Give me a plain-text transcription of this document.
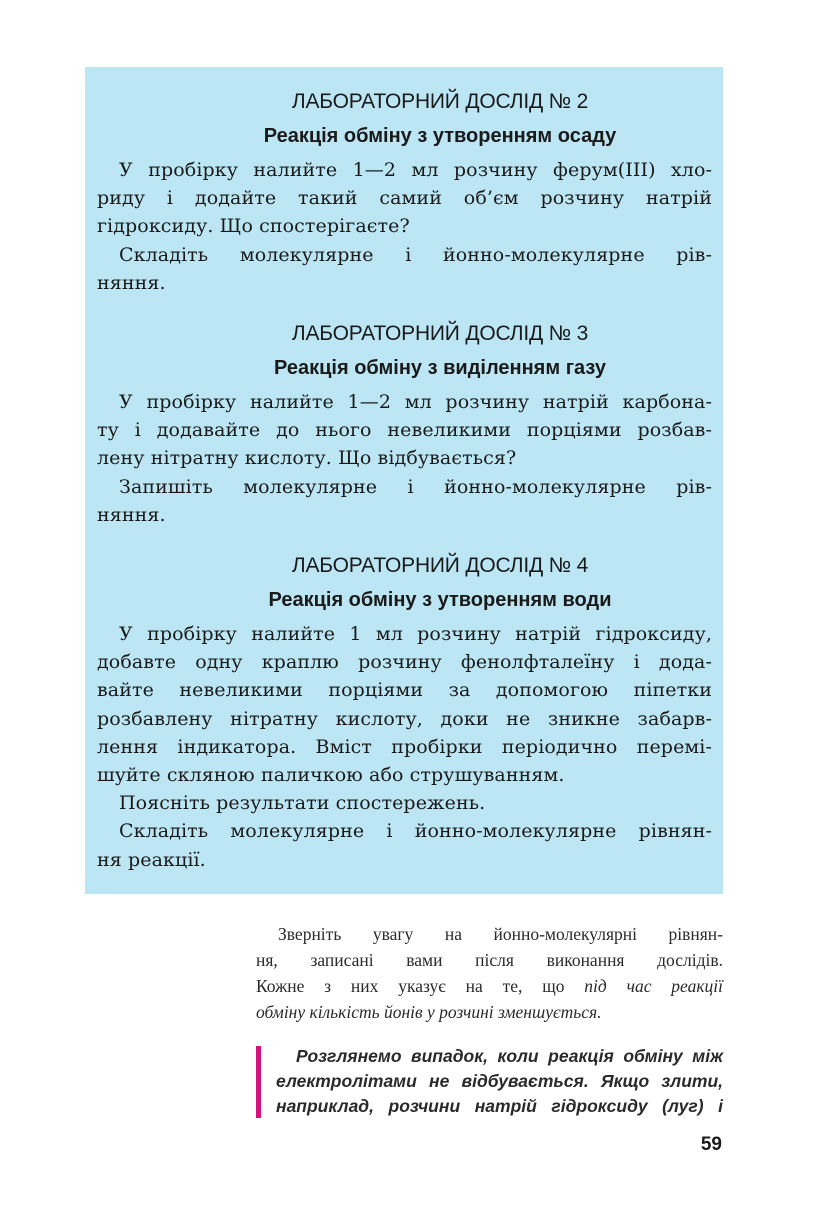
ЛАБОРАТОРНИЙ ДОСЛІД № 2
Реакція обміну з утворенням осаду
У пробірку налийте 1—2 мл розчину ферум(ІІІ) хло-
риду і додайте такий самий об’єм розчину натрій
гідроксиду. Що спостерігаєте?
Складіть молекулярне і йонно-молекулярне рів-
няння.
ЛАБОРАТОРНИЙ ДОСЛІД № 3
Реакція обміну з виділенням газу
У пробірку налийте 1—2 мл розчину натрій карбона-
ту і додавайте до нього невеликими порціями розбав-
лену нітратну кислоту. Що відбувається?
Запишіть молекулярне і йонно-молекулярне рів-
няння.
ЛАБОРАТОРНИЙ ДОСЛІД № 4
Реакція обміну з утворенням води
У пробірку налийте 1 мл розчину натрій гідроксиду,
добавте одну краплю розчину фенолфталеїну і дода-
вайте невеликими порціями за допомогою піпетки
розбавлену нітратну кислоту, доки не зникне забарв-
лення індикатора. Вміст пробірки періодично перемі-
шуйте скляною паличкою або струшуванням.
Поясніть результати спостережень.
Складіть молекулярне і йонно-молекулярне рівнян-
ня реакції.
Зверніть увагу на йонно-молекулярні рівнян-
ня, записані вами після виконання дослідів.
Кожне з них указує на те, що під час реакції
обміну кількість йонів у розчині зменшується.
Розглянемо випадок, коли реакція обміну між
електролітами не відбувається. Якщо злити,
наприклад, розчини натрій гідроксиду (луг) і
59
